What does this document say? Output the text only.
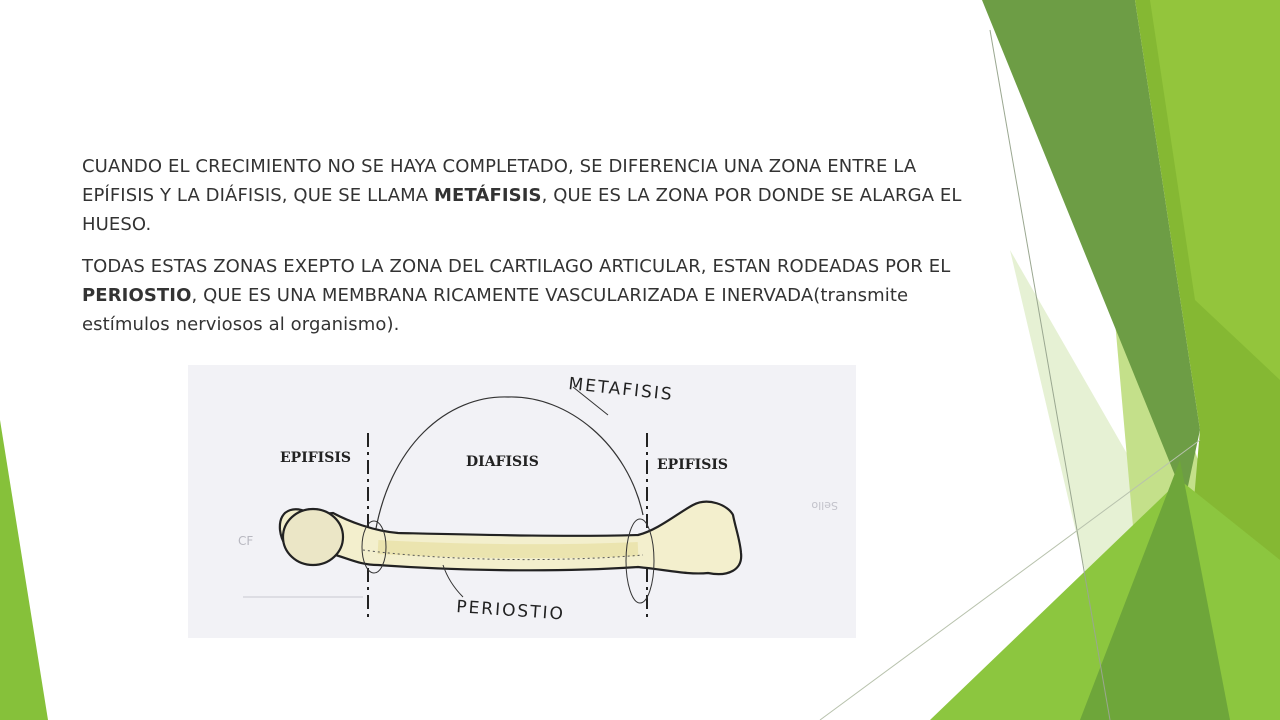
CUANDO EL CRECIMIENTO NO SE HAYA COMPLETADO, SE DIFERENCIA UNA ZONA ENTRE LA EPÍFISIS Y LA DIÁFISIS, QUE SE LLAMA METÁFISIS, QUE ES LA ZONA POR DONDE SE ALARGA EL HUESO.

TODAS ESTAS ZONAS EXEPTO LA ZONA DEL CARTILAGO ARTICULAR, ESTAN RODEADAS POR EL PERIOSTIO, QUE ES UNA MEMBRANA RICAMENTE VASCULARIZADA E INERVADA(transmite estímulos nerviosos al organismo).

CF
Sello
EPIFISIS	DIAFISIS	EPIFISIS
METAFISIS
PERIOSTIO
